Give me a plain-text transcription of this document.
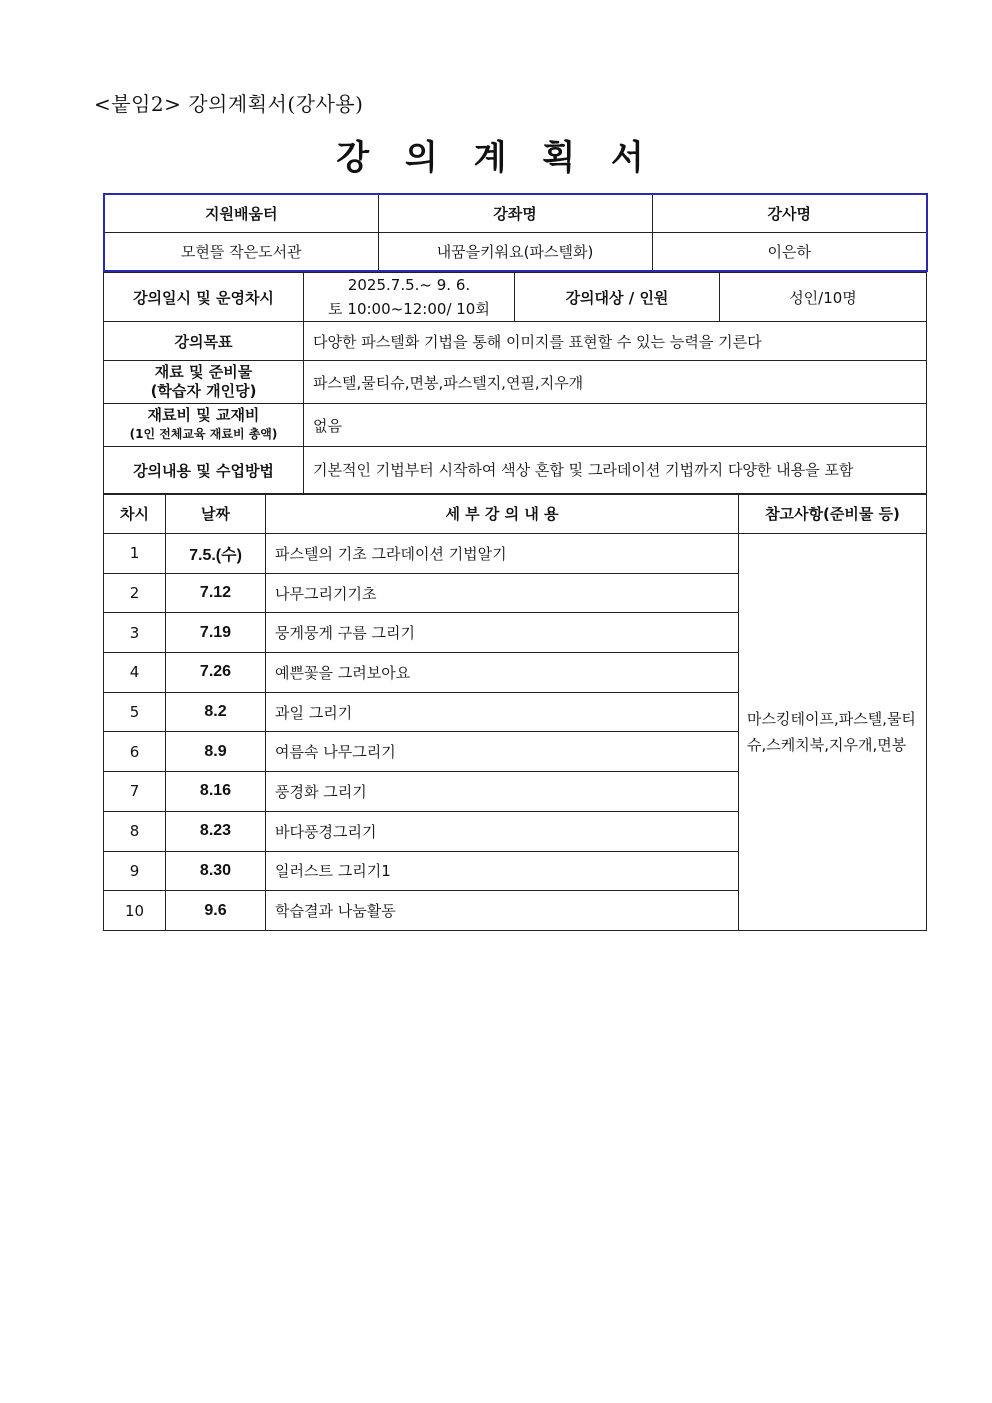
<붙임2> 강의계획서(강사용)
강 의 계 획 서
지원배움터	강좌명	강사명
모현뜰 작은도서관	내꿈을키워요(파스텔화)	이은하
강의일시 및 운영차시	2025.7.5.~ 9. 6.
토 10:00~12:00/ 10회	강의대상 / 인원	성인/10명
강의목표	다양한 파스텔화 기법을 통해 이미지를 표현할 수 있는 능력을 기른다		

재료 및 준비물
(학습자 개인당)	파스텔,물티슈,면봉,파스텔지,연필,지우개		

재료비 및 교재비
(1인 전체교육 재료비 총액)	없음		
강의내용 및 수업방법	기본적인 기법부터 시작하여 색상 혼합 및 그라데이션 기법까지 다양한 내용을 포함		
차시	날짜	세 부 강 의 내 용	참고사항(준비물 등)
1	7.5.(수)	파스텔의 기초 그라데이션 기법알기	마스킹테이프,파스텔,물티슈,스케치북,지우개,면봉
2	7.12	나무그리기기초	
3	7.19	뭉게뭉게 구름 그리기	
4	7.26	예쁜꽃을 그려보아요	
5	8.2	과일 그리기	
6	8.9	여름속 나무그리기	
7	8.16	풍경화 그리기	
8	8.23	바다풍경그리기	
9	8.30	일러스트 그리기1	
10	9.6	학습결과 나눔활동	
